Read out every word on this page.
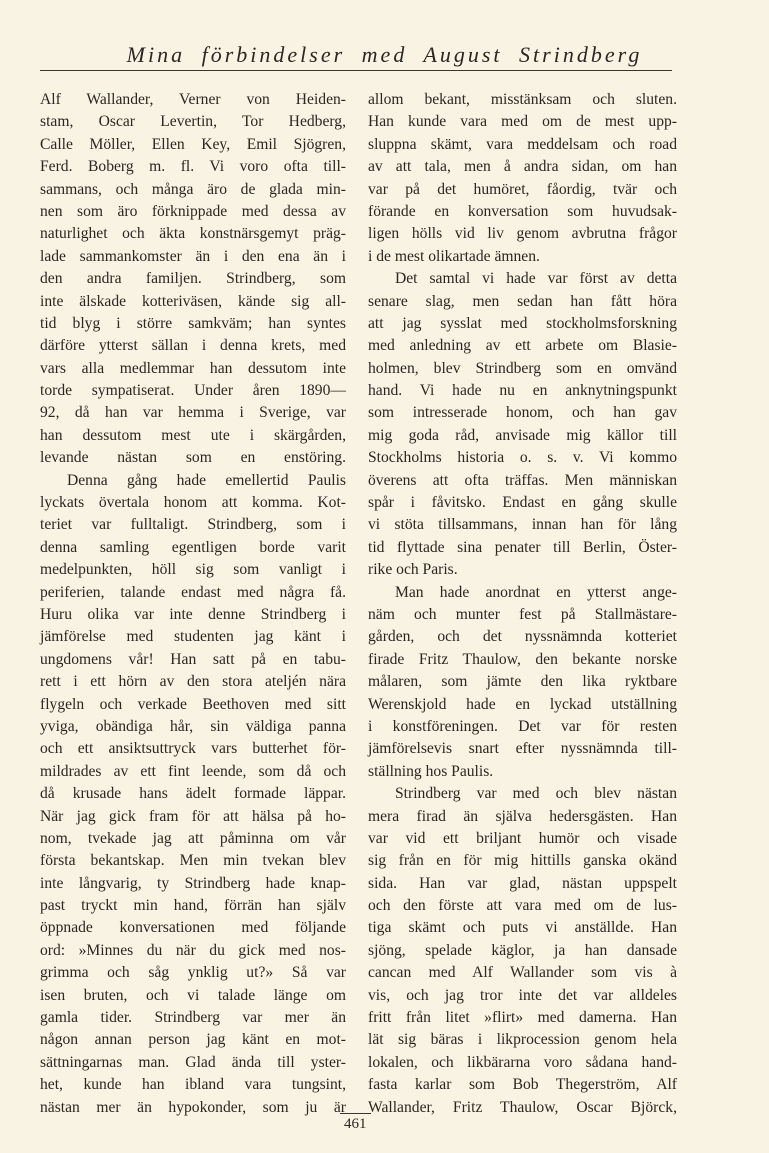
Mina förbindelser med August Strindberg
Alf Wallander, Verner von Heiden-
stam, Oscar Levertin, Tor Hedberg,
Calle Möller, Ellen Key, Emil Sjögren,
Ferd. Boberg m. fl. Vi voro ofta till-
sammans, och många äro de glada min-
nen som äro förknippade med dessa av
naturlighet och äkta konstnärsgemyt präg-
lade sammankomster än i den ena än i
den andra familjen. Strindberg, som
inte älskade kotteriväsen, kände sig all-
tid blyg i större samkväm; han syntes
därföre ytterst sällan i denna krets, med
vars alla medlemmar han dessutom inte
torde sympatiserat. Under åren 1890—
92, då han var hemma i Sverige, var
han dessutom mest ute i skärgården,
levande nästan som en enstöring.
Denna gång hade emellertid Paulis
lyckats övertala honom att komma. Kot-
teriet var fulltaligt. Strindberg, som i
denna samling egentligen borde varit
medelpunkten, höll sig som vanligt i
periferien, talande endast med några få.
Huru olika var inte denne Strindberg i
jämförelse med studenten jag känt i
ungdomens vår! Han satt på en tabu-
rett i ett hörn av den stora ateljén nära
flygeln och verkade Beethoven med sitt
yviga, obändiga hår, sin väldiga panna
och ett ansiktsuttryck vars butterhet för-
mildrades av ett fint leende, som då och
då krusade hans ädelt formade läppar.
När jag gick fram för att hälsa på ho-
nom, tvekade jag att påminna om vår
första bekantskap. Men min tvekan blev
inte långvarig, ty Strindberg hade knap-
past tryckt min hand, förrän han själv
öppnade konversationen med följande
ord: »Minnes du när du gick med nos-
grimma och såg ynklig ut?» Så var
isen bruten, och vi talade länge om
gamla tider. Strindberg var mer än
någon annan person jag känt en mot-
sättningarnas man. Glad ända till yster-
het, kunde han ibland vara tungsint,
nästan mer än hypokonder, som ju är
allom bekant, misstänksam och sluten.
Han kunde vara med om de mest upp-
sluppna skämt, vara meddelsam och road
av att tala, men å andra sidan, om han
var på det humöret, fåordig, tvär och
förande en konversation som huvudsak-
ligen hölls vid liv genom avbrutna frågor
i de mest olikartade ämnen.
Det samtal vi hade var först av detta
senare slag, men sedan han fått höra
att jag sysslat med stockholmsforskning
med anledning av ett arbete om Blasie-
holmen, blev Strindberg som en omvänd
hand. Vi hade nu en anknytningspunkt
som intresserade honom, och han gav
mig goda råd, anvisade mig källor till
Stockholms historia o. s. v. Vi kommo
överens att ofta träffas. Men människan
spår i fåvitsko. Endast en gång skulle
vi stöta tillsammans, innan han för lång
tid flyttade sina penater till Berlin, Öster-
rike och Paris.
Man hade anordnat en ytterst ange-
näm och munter fest på Stallmästare-
gården, och det nyssnämnda kotteriet
firade Fritz Thaulow, den bekante norske
målaren, som jämte den lika ryktbare
Werenskjold hade en lyckad utställning
i konstföreningen. Det var för resten
jämförelsevis snart efter nyssnämnda till-
ställning hos Paulis.
Strindberg var med och blev nästan
mera firad än själva hedersgästen. Han
var vid ett briljant humör och visade
sig från en för mig hittills ganska okänd
sida. Han var glad, nästan uppspelt
och den förste att vara med om de lus-
tiga skämt och puts vi anställde. Han
sjöng, spelade käglor, ja han dansade
cancan med Alf Wallander som vis à
vis, och jag tror inte det var alldeles
fritt från litet »flirt» med damerna. Han
lät sig bäras i likprocession genom hela
lokalen, och likbärarna voro sådana hand-
fasta karlar som Bob Thegerström, Alf
Wallander, Fritz Thaulow, Oscar Björck,
461
